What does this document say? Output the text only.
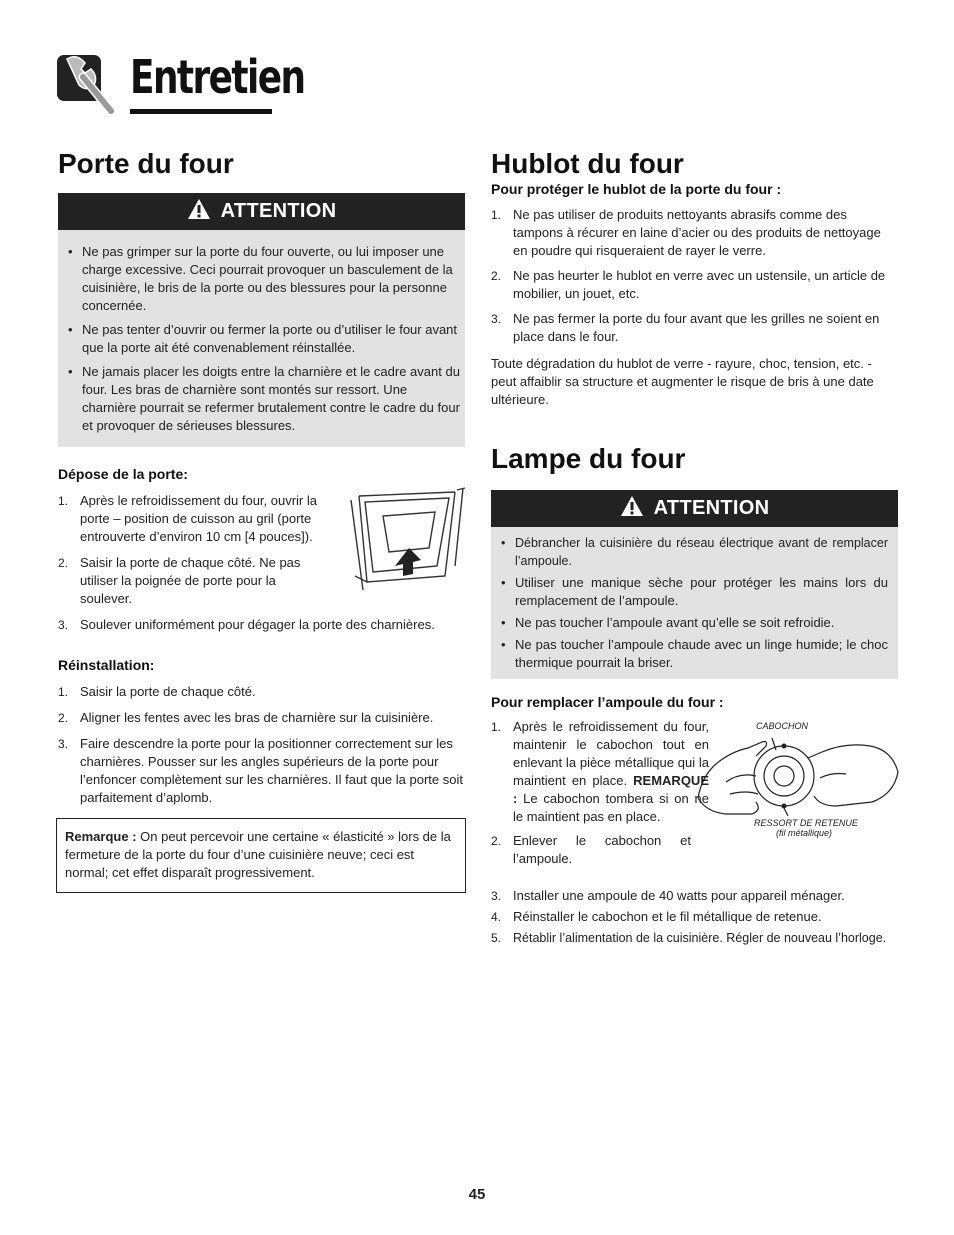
Entretien
Porte du four
ATTENTION
• Ne pas grimper sur la porte du four ouverte, ou lui imposer une charge excessive. Ceci pourrait provoquer un basculement de la cuisinière, le bris de la porte ou des blessures pour la personne concernée.
• Ne pas tenter d’ouvrir ou fermer la porte ou d’utiliser le four avant que la porte ait été convenablement réinstallée.
• Ne jamais placer les doigts entre la charnière et le cadre avant du four. Les bras de charnière sont montés sur ressort. Une charnière pourrait se refermer brutalement contre le cadre du four et provoquer de sérieuses blessures.
Dépose de la porte:
1. Après le refroidissement du four, ouvrir la porte – position de cuisson au gril (porte entrouverte d’environ 10 cm [4 pouces]).
2. Saisir la porte de chaque côté. Ne pas utiliser la poignée de porte pour la soulever.
3. Soulever uniformément pour dégager la porte des charnières.
Réinstallation:
1. Saisir la porte de chaque côté.
2. Aligner les fentes avec les bras de charnière sur la cuisinière.
3. Faire descendre la porte pour la positionner correctement sur les charnières. Pousser sur les angles supérieurs de la porte pour l’enfoncer complètement sur les charnières. Il faut que la porte soit parfaitement d’aplomb.
Remarque : On peut percevoir une certaine « élasticité » lors de la fermeture de la porte du four d’une cuisinière neuve; ceci est normal; cet effet disparaît progressivement.
Hublot du four
Pour protéger le hublot de la porte du four :
1. Ne pas utiliser de produits nettoyants abrasifs comme des tampons à récurer en laine d’acier ou des produits de nettoyage en poudre qui risqueraient de rayer le verre.
2. Ne pas heurter le hublot en verre avec un ustensile, un article de mobilier, un jouet, etc.
3. Ne pas fermer la porte du four avant que les grilles ne soient en place dans le four.
Toute dégradation du hublot de verre - rayure, choc, tension, etc. - peut affaiblir sa structure et augmenter le risque de bris à une date ultérieure.
Lampe du four
ATTENTION
• Débrancher la cuisinière du réseau électrique avant de remplacer l’ampoule.
• Utiliser une manique sèche pour protéger les mains lors du remplacement de l’ampoule.
• Ne pas toucher l’ampoule avant qu’elle se soit refroidie.
• Ne pas toucher l’ampoule chaude avec un linge humide; le choc thermique pourrait la briser.
Pour remplacer l’ampoule du four :
1. Après le refroidissement du four, maintenir le cabochon tout en enlevant la pièce métallique qui la maintient en place. REMARQUE : Le cabochon tombera si on ne le maintient pas en place.
2. Enlever le cabochon et l’ampoule.
3. Installer une ampoule de 40 watts pour appareil ménager.
4. Réinstaller le cabochon et le fil métallique de retenue.
5. Rétablir l’alimentation de la cuisinière. Régler de nouveau l’horloge.
CABOCHON
RESSORT DE RETENUE
(fil métallique)
45
